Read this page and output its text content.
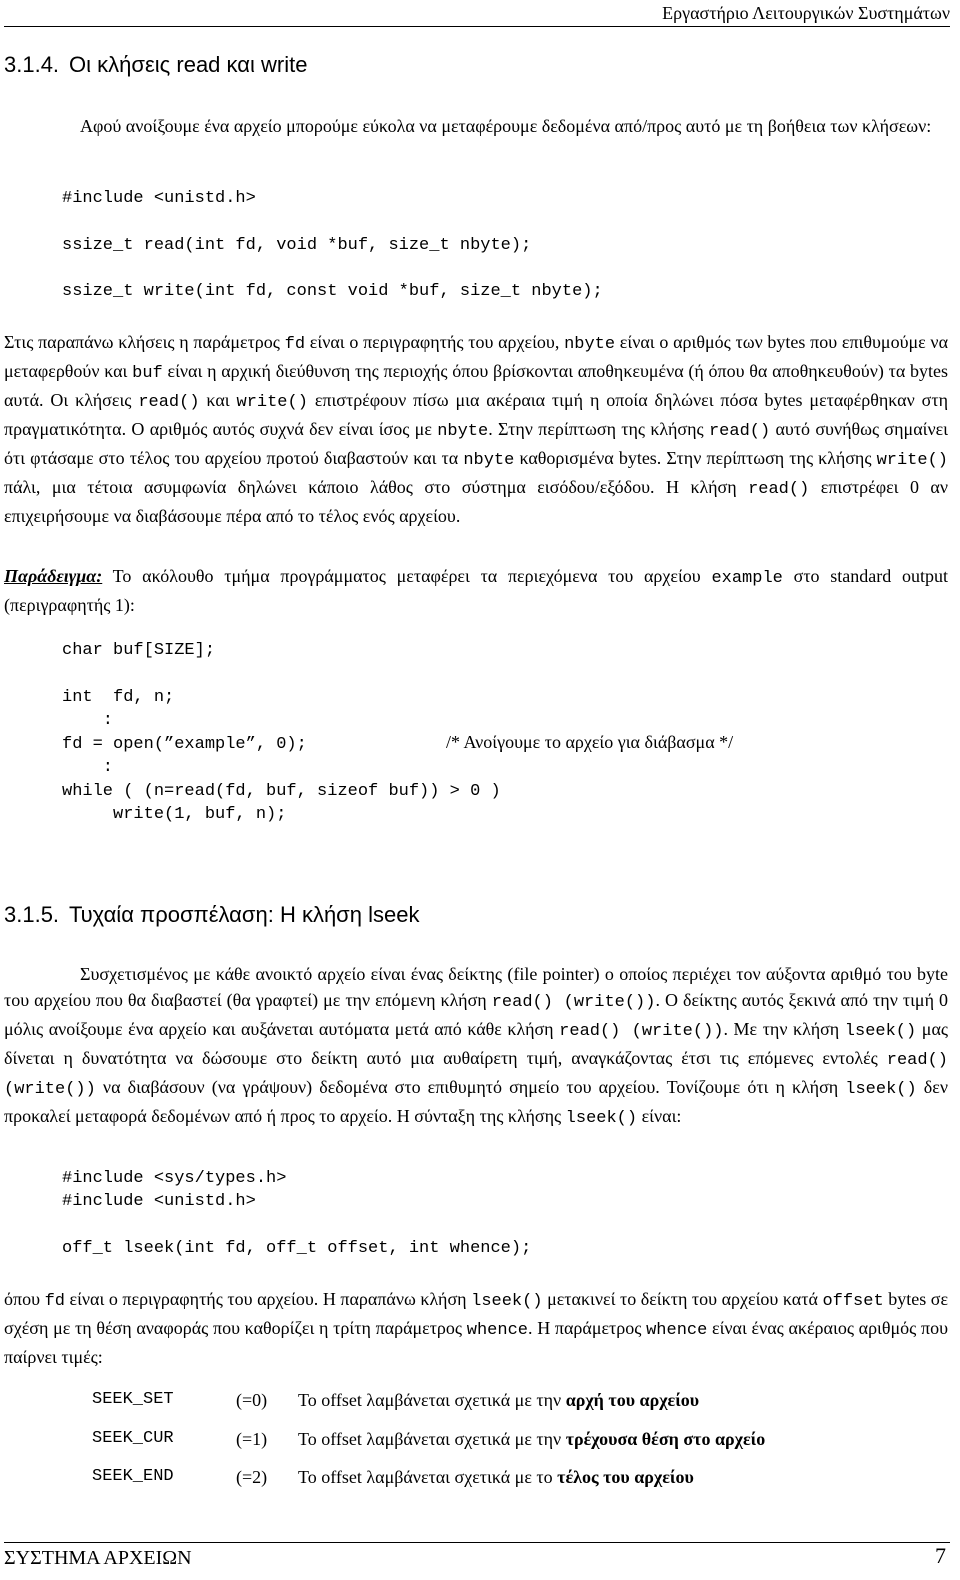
Εργαστήριο Λειτουργικών Συστημάτων
3.1.4. Οι κλήσεις read και write

Αφού ανοίξουμε ένα αρχείο μπορούμε εύκολα να μεταφέρουμε δεδομένα από/προς αυτό με τη βοήθεια των κλήσεων:

#include <unistd.h>
ssize_t read(int fd, void *buf, size_t nbyte);
ssize_t write(int fd, const void *buf, size_t nbyte);

Στις παραπάνω κλήσεις η παράμετρος fd είναι ο περιγραφητής του αρχείου, nbyte είναι ο αριθμός των bytes που επιθυμούμε να μεταφερθούν και buf είναι η αρχική διεύθυνση της περιοχής όπου βρίσκονται αποθηκευμένα (ή όπου θα αποθηκευθούν) τα bytes αυτά. Οι κλήσεις read() και write() επιστρέφουν πίσω μια ακέραια τιμή η οποία δηλώνει πόσα bytes μεταφέρθηκαν στη πραγματικότητα. Ο αριθμός αυτός συχνά δεν είναι ίσος με nbyte. Στην περίπτωση της κλήσης read() αυτό συνήθως σημαίνει ότι φτάσαμε στο τέλος του αρχείου προτού διαβαστούν και τα nbyte καθορισμένα bytes. Στην περίπτωση της κλήσης write() πάλι, μια τέτοια ασυμφωνία δηλώνει κάποιο λάθος στο σύστημα εισόδου/εξόδου. Η κλήση read() επιστρέφει 0 αν επιχειρήσουμε να διαβάσουμε πέρα από το τέλος ενός αρχείου.

Παράδειγμα: Το ακόλουθο τμήμα προγράμματος μεταφέρει τα περιεχόμενα του αρχείου example στο standard output (περιγραφητής 1):

char buf[SIZE];
int  fd, n;
:
fd = open(”example”, 0);	/* Ανοίγουμε το αρχείο για διάβασμα */
:
while ( (n=read(fd, buf, sizeof buf)) > 0 )
write(1, buf, n);
3.1.5. Τυχαία προσπέλαση: Η κλήση lseek

Συσχετισμένος με κάθε ανοικτό αρχείο είναι ένας δείκτης (file pointer) ο οποίος περιέχει τον αύξοντα αριθμό του byte του αρχείου που θα διαβαστεί (θα γραφτεί) με την επόμενη κλήση read() (write()). Ο δείκτης αυτός ξεκινά από την τιμή 0 μόλις ανοίξουμε ένα αρχείο και αυξάνεται αυτόματα μετά από κάθε κλήση read() (write()). Με την κλήση lseek() μας δίνεται η δυνατότητα να δώσουμε στο δείκτη αυτό μια αυθαίρετη τιμή, αναγκάζοντας έτσι τις επόμενες εντολές read() (write()) να διαβάσουν (να γράψουν) δεδομένα στο επιθυμητό σημείο του αρχείου. Τονίζουμε ότι η κλήση lseek() δεν προκαλεί μεταφορά δεδομένων από ή προς το αρχείο. Η σύνταξη της κλήσης lseek() είναι:

#include <sys/types.h>
#include <unistd.h>
off_t lseek(int fd, off_t offset, int whence);

όπου fd είναι ο περιγραφητής του αρχείου. Η παραπάνω κλήση lseek() μετακινεί το δείκτη του αρχείου κατά offset bytes σε σχέση με τη θέση αναφοράς που καθορίζει η τρίτη παράμετρος whence. Η παράμετρος whence είναι ένας ακέραιος αριθμός που παίρνει τιμές:

SEEK_SET	(=0) Το offset λαμβάνεται σχετικά με την αρχή του αρχείου
SEEK_CUR	(=1) Το offset λαμβάνεται σχετικά με την τρέχουσα θέση στο αρχείο
SEEK_END	(=2) Το offset λαμβάνεται σχετικά με το τέλος του αρχείου
ΣΥΣΤΗΜΑ ΑΡΧΕΙΩΝ	7
